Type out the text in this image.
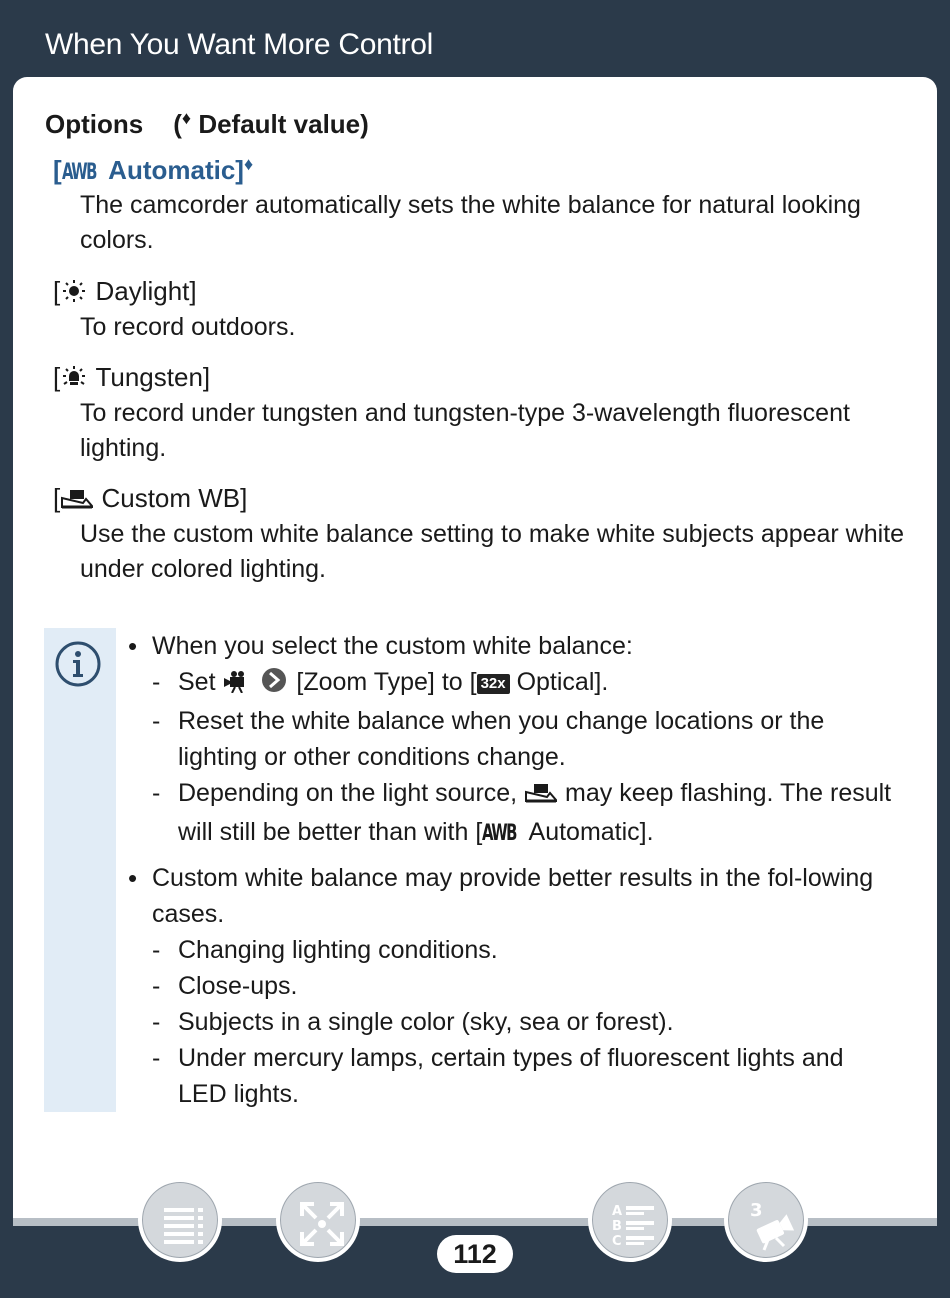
When You Want More Control
Options (♦ Default value)
[AWB Automatic]♦
The camcorder automatically sets the white balance for natural looking colors.
[ Daylight]
To record outdoors.
[ Tungsten]
To record under tungsten and tungsten-type 3-wavelength fluorescent lighting.
[ Custom WB]
Use the custom white balance setting to make white subjects appear white under colored lighting.
• When you select the custom white balance:
- Set	[Zoom Type] to [ 32x Optical].
- Reset the white balance when you change locations or the lighting or other conditions change.
- Depending on the light source, may keep flashing. The result will still be better than with [AWB Automatic].
• Custom white balance may provide better results in the fol-lowing cases.
- Changing lighting conditions.
- Close-ups.
- Subjects in a single color (sky, sea or forest).
- Under mercury lamps, certain types of fluorescent lights and LED lights.
112
A
B
C
3
